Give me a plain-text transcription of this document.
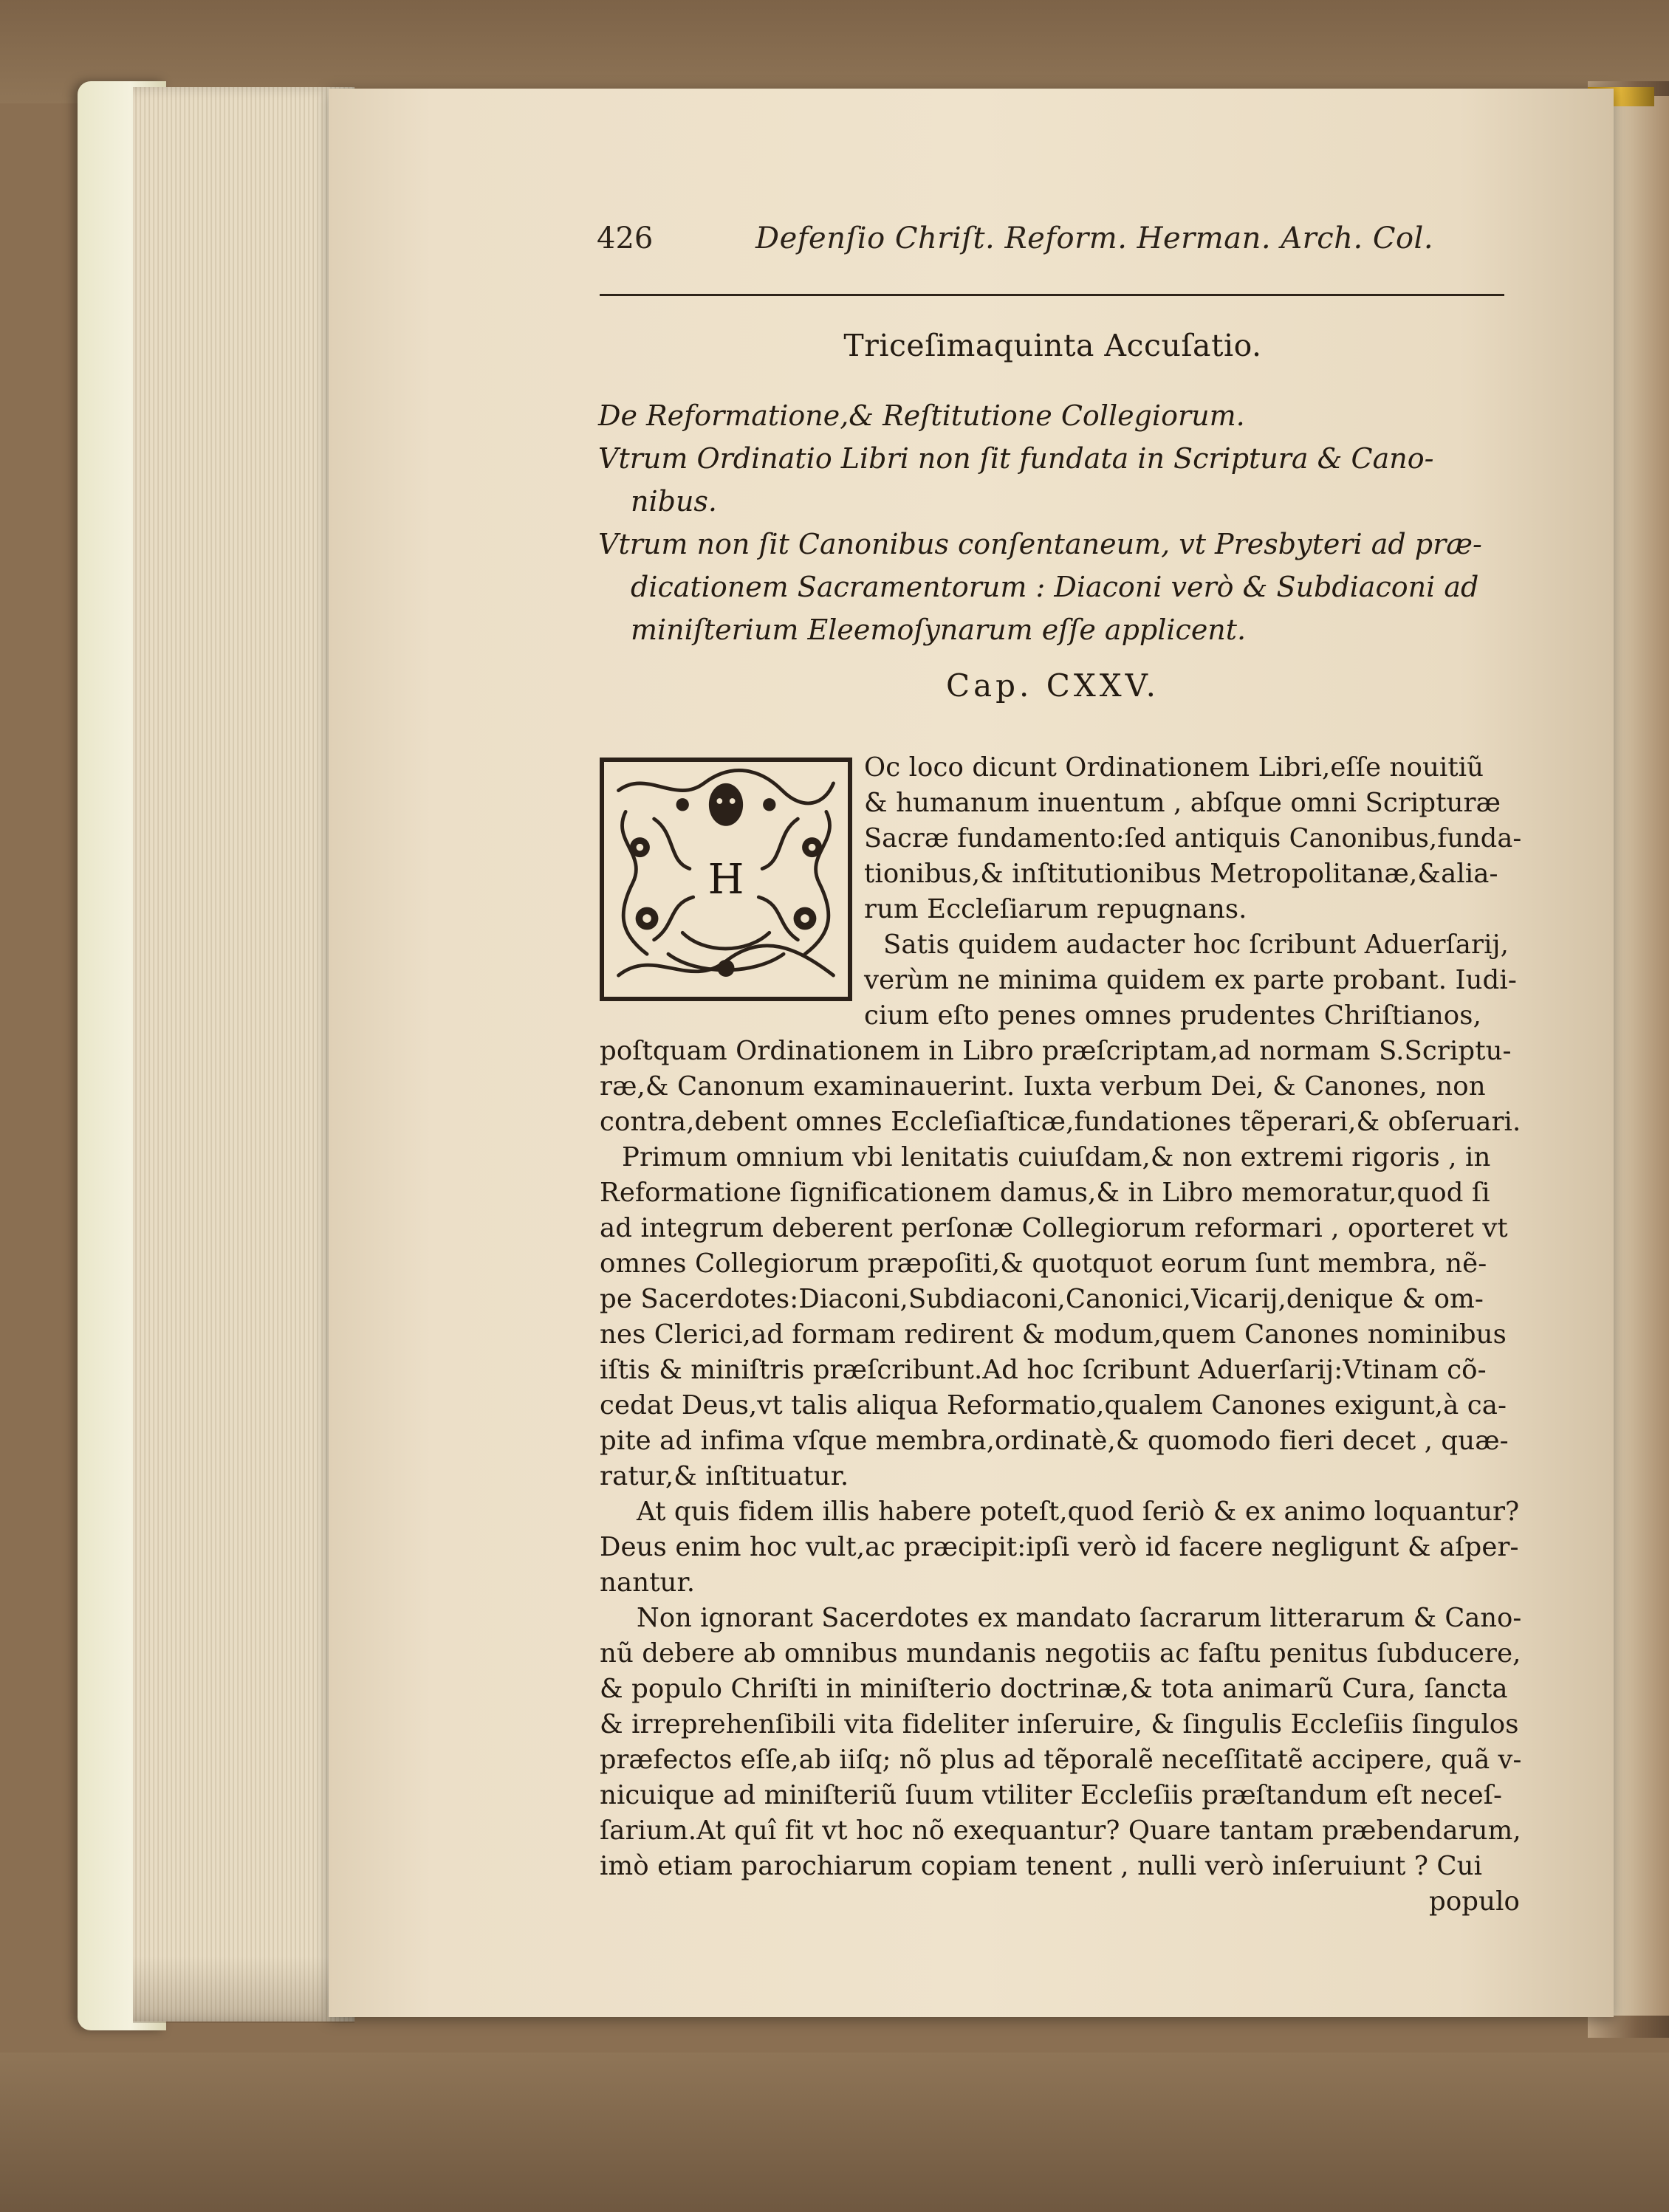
426	Defenſio Chriſt. Reform. Herman. Arch. Col.
Triceſimaquinta Accuſatio.
De Reformatione,& Reſtitutione Collegiorum.
Vtrum Ordinatio Libri non ſit fundata in Scriptura & Cano-
nibus.
Vtrum non ſit Canonibus conſentaneum, vt Presbyteri ad præ-
dicationem Sacramentorum : Diaconi verò & Subdiaconi ad
miniſterium Eleemoſynarum eſſe applicent.
Cap. CXXV.
H
Oc loco dicunt Ordinationem Libri,eſſe nouitiũ
& humanum inuentum , abſque omni Scripturæ
Sacræ fundamento:ſed antiquis Canonibus,funda-
tionibus,& inſtitutionibus Metropolitanæ,&alia-
rum Eccleſiarum repugnans.
Satis quidem audacter hoc ſcribunt Aduerſarij,
verùm ne minima quidem ex parte probant. Iudi-
cium eſto penes omnes prudentes Chriſtianos,
poſtquam Ordinationem in Libro præſcriptam,ad normam S.Scriptu-
ræ,& Canonum examinauerint. Iuxta verbum Dei, & Canones, non
contra,debent omnes Eccleſiaſticæ,fundationes tẽperari,& obſeruari.
Primum omnium vbi lenitatis cuiuſdam,& non extremi rigoris , in
Reformatione ſignificationem damus,& in Libro memoratur,quod ſi
ad integrum deberent perſonæ Collegiorum reformari , oporteret vt
omnes Collegiorum præpoſiti,& quotquot eorum ſunt membra, nẽ-
pe Sacerdotes:Diaconi,Subdiaconi,Canonici,Vicarij,denique & om-
nes Clerici,ad formam redirent & modum,quem Canones nominibus
iſtis & miniſtris præſcribunt.Ad hoc ſcribunt Aduerſarij:Vtinam cõ-
cedat Deus,vt talis aliqua Reformatio,qualem Canones exigunt,à ca-
pite ad infima vſque membra,ordinatè,& quomodo fieri decet , quæ-
ratur,& inſtituatur.
At quis fidem illis habere poteſt,quod ſeriò & ex animo loquantur?
Deus enim hoc vult,ac præcipit:ipſi verò id facere negligunt & aſper-
nantur.
Non ignorant Sacerdotes ex mandato ſacrarum litterarum & Cano-
nũ debere ab omnibus mundanis negotiis ac faſtu penitus ſubducere,
& populo Chriſti in miniſterio doctrinæ,& tota animarũ Cura, ſancta
& irreprehenſibili vita fideliter inſeruire, & ſingulis Eccleſiis ſingulos
præfectos eſſe,ab iiſq; nõ plus ad tẽporalẽ neceſſitatẽ accipere, quã v-
nicuique ad miniſteriũ ſuum vtiliter Eccleſiis præſtandum eſt neceſ-
ſarium.At quî fit vt hoc nõ exequantur? Quare tantam præbendarum,
imò etiam parochiarum copiam tenent , nulli verò inſeruiunt ? Cui
populo
